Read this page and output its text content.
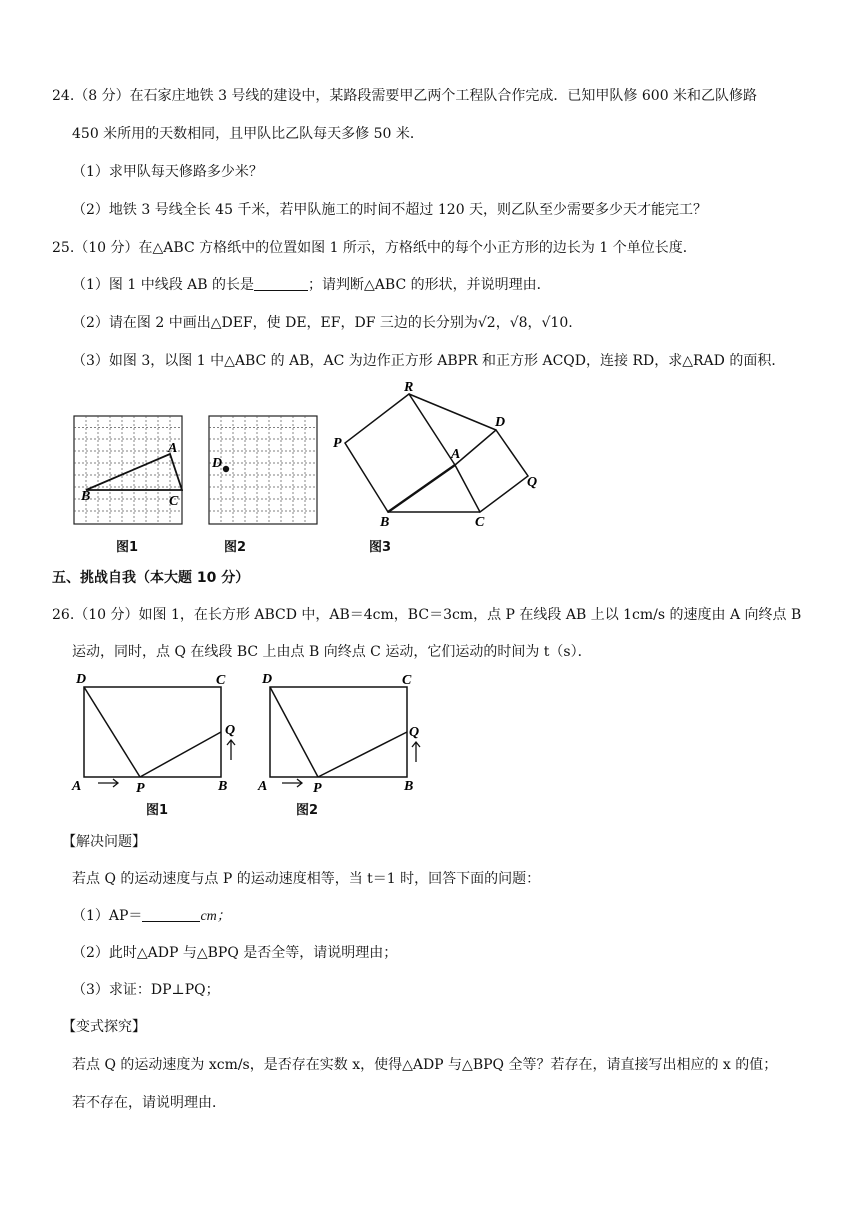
24.（8 分）在石家庄地铁 3 号线的建设中，某路段需要甲乙两个工程队合作完成．已知甲队修 600 米和乙队修路
450 米所用的天数相同，且甲队比乙队每天多修 50 米．
（1）求甲队每天修路多少米？
（2）地铁 3 号线全长 45 千米，若甲队施工的时间不超过 120 天，则乙队至少需要多少天才能完工？
25.（10 分）在△ABC 方格纸中的位置如图 1 所示，方格纸中的每个小正方形的边长为 1 个单位长度．
（1）图 1 中线段 AB 的长是	；请判断△ABC 的形状，并说明理由．
（2）请在图 2 中画出△DEF，使 DE，EF，DF 三边的长分别为√2，√8，√10.
（3）如图 3，以图 1 中△ABC 的 AB，AC 为边作正方形 ABPR 和正方形 ACQD，连接 RD，求△RAD 的面积．
A
B	C
图1
D
图2
R
D
P
A
Q
B	C
图3
五、挑战自我（本大题 10 分）
26.（10 分）如图 1，在长方形 ABCD 中，AB＝4cm，BC＝3cm，点 P 在线段 AB 上以 1cm/s 的速度由 A 向终点 B
运动，同时，点 Q 在线段 BC 上由点 B 向终点 C 运动，它们运动的时间为 t（s）．
D	C
Q
A	P	B
图1
D	C
Q
A	P	B
图2
【解决问题】
若点 Q 的运动速度与点 P 的运动速度相等，当 t＝1 时，回答下面的问题：
（1）AP＝	cm；
（2）此时△ADP 与△BPQ 是否全等，请说明理由；
（3）求证：DP⊥PQ；
【变式探究】
若点 Q 的运动速度为 xcm/s，是否存在实数 x，使得△ADP 与△BPQ 全等？若存在，请直接写出相应的 x 的值；
若不存在，请说明理由．
